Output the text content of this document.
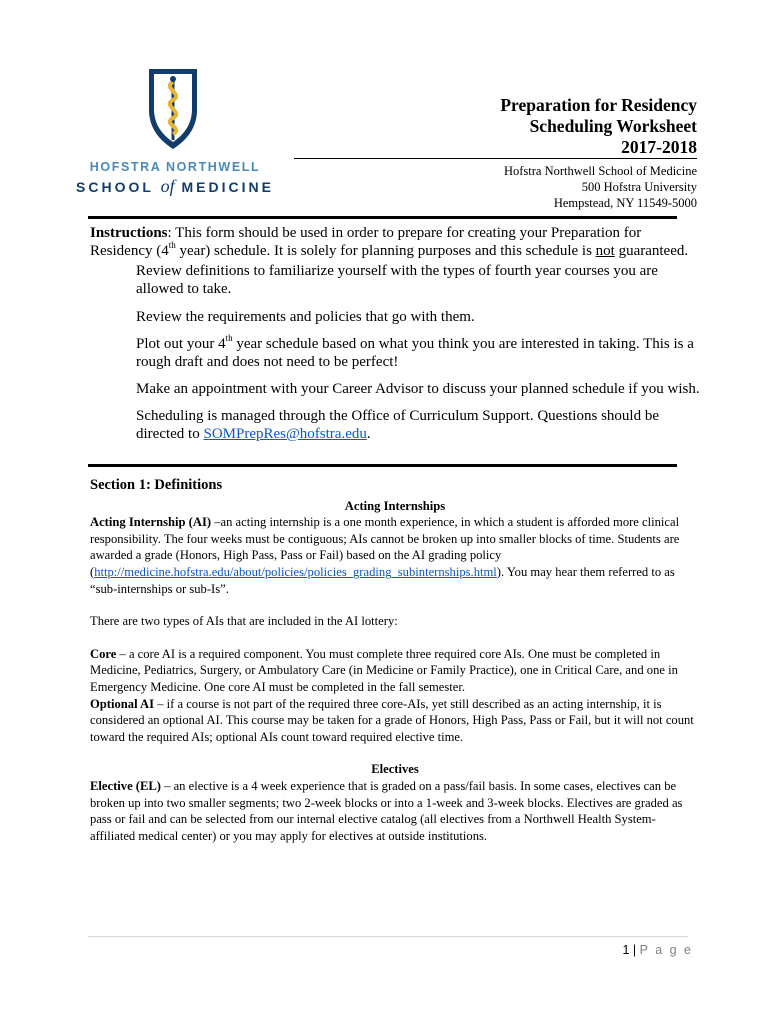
HOFSTRA NORTHWELL
SCHOOL of MEDICINE
Preparation for Residency
Scheduling Worksheet
2017-2018
Hofstra Northwell School of Medicine
500 Hofstra University
Hempstead, NY 11549-5000

Instructions: This form should be used in order to prepare for creating your Preparation for Residency (4th year) schedule. It is solely for planning purposes and this schedule is not guaranteed.

Review definitions to familiarize yourself with the types of fourth year courses you are allowed to take.
Review the requirements and policies that go with them.
Plot out your 4th year schedule based on what you think you are interested in taking. This is a rough draft and does not need to be perfect!
Make an appointment with your Career Advisor to discuss your planned schedule if you wish.
Scheduling is managed through the Office of Curriculum Support. Questions should be directed to SOMPrepRes@hofstra.edu.

Section 1: Definitions

Acting Internships

Acting Internship (AI) –an acting internship is a one month experience, in which a student is afforded more clinical responsibility. The four weeks must be contiguous; AIs cannot be broken up into smaller blocks of time. Students are awarded a grade (Honors, High Pass, Pass or Fail) based on the AI grading policy (http://medicine.hofstra.edu/about/policies/policies_grading_subinternships.html). You may hear them referred to as “sub-internships or sub-Is”.

There are two types of AIs that are included in the AI lottery:

Core – a core AI is a required component. You must complete three required core AIs. One must be completed in Medicine, Pediatrics, Surgery, or Ambulatory Care (in Medicine or Family Practice), one in Critical Care, and one in Emergency Medicine. One core AI must be completed in the fall semester.

Optional AI – if a course is not part of the required three core-AIs, yet still described as an acting internship, it is considered an optional AI. This course may be taken for a grade of Honors, High Pass, Pass or Fail, but it will not count toward the required AIs; optional AIs count toward required elective time.

Electives

Elective (EL) – an elective is a 4 week experience that is graded on a pass/fail basis. In some cases, electives can be broken up into two smaller segments; two 2-week blocks or into a 1-week and 3-week blocks. Electives are graded as pass or fail and can be selected from our internal elective catalog (all electives from a Northwell Health System-affiliated medical center) or you may apply for electives at outside institutions.

1 | P a g e
